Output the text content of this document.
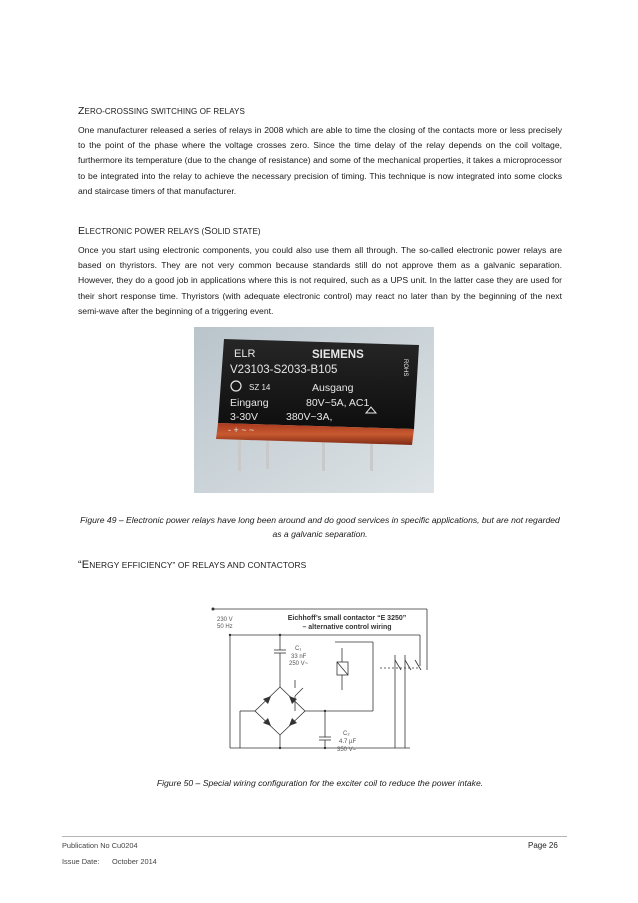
ZERO-CROSSING SWITCHING OF RELAYS

One manufacturer released a series of relays in 2008 which are able to time the closing of the contacts more or less precisely to the point of the phase where the voltage crosses zero. Since the time delay of the relay depends on the coil voltage, furthermore its temperature (due to the change of resistance) and some of the mechanical properties, it takes a microprocessor to be integrated into the relay to achieve the necessary precision of timing. This technique is now integrated into some clocks and staircase timers of that manufacturer.

ELECTRONIC POWER RELAYS (SOLID STATE)

Once you start using electronic components, you could also use them all through. The so-called electronic power relays are based on thyristors. They are not very common because standards still do not approve them as a galvanic separation. However, they do a good job in applications where this is not required, such as a UPS unit. In the latter case they are used for their short response time. Thyristors (with adequate electronic control) may react no later than by the beginning of the next semi-wave after the beginning of a triggering event.

ELR	SIEMENS
V23103-S2033-B105
SZ 14	Ausgang
Eingang	80V~5A, AC1
3-30V	380V~3A,
- + ~ ~
ROHS
Figure 49 – Electronic power relays have long been around and do good services in specific applications, but are not regarded as a galvanic separation.

“ENERGY EFFICIENCY” OF RELAYS AND CONTACTORS

230 V
50 Hz
Eichhoff’s small contactor “E 3250”
– alternative control wiring
C₁
33 nF
250 V~
C₂
4.7 µF
350 V=
Figure 50 – Special wiring configuration for the exciter coil to reduce the power intake.
Publication No Cu0204	Page 26
Issue Date: October 2014
